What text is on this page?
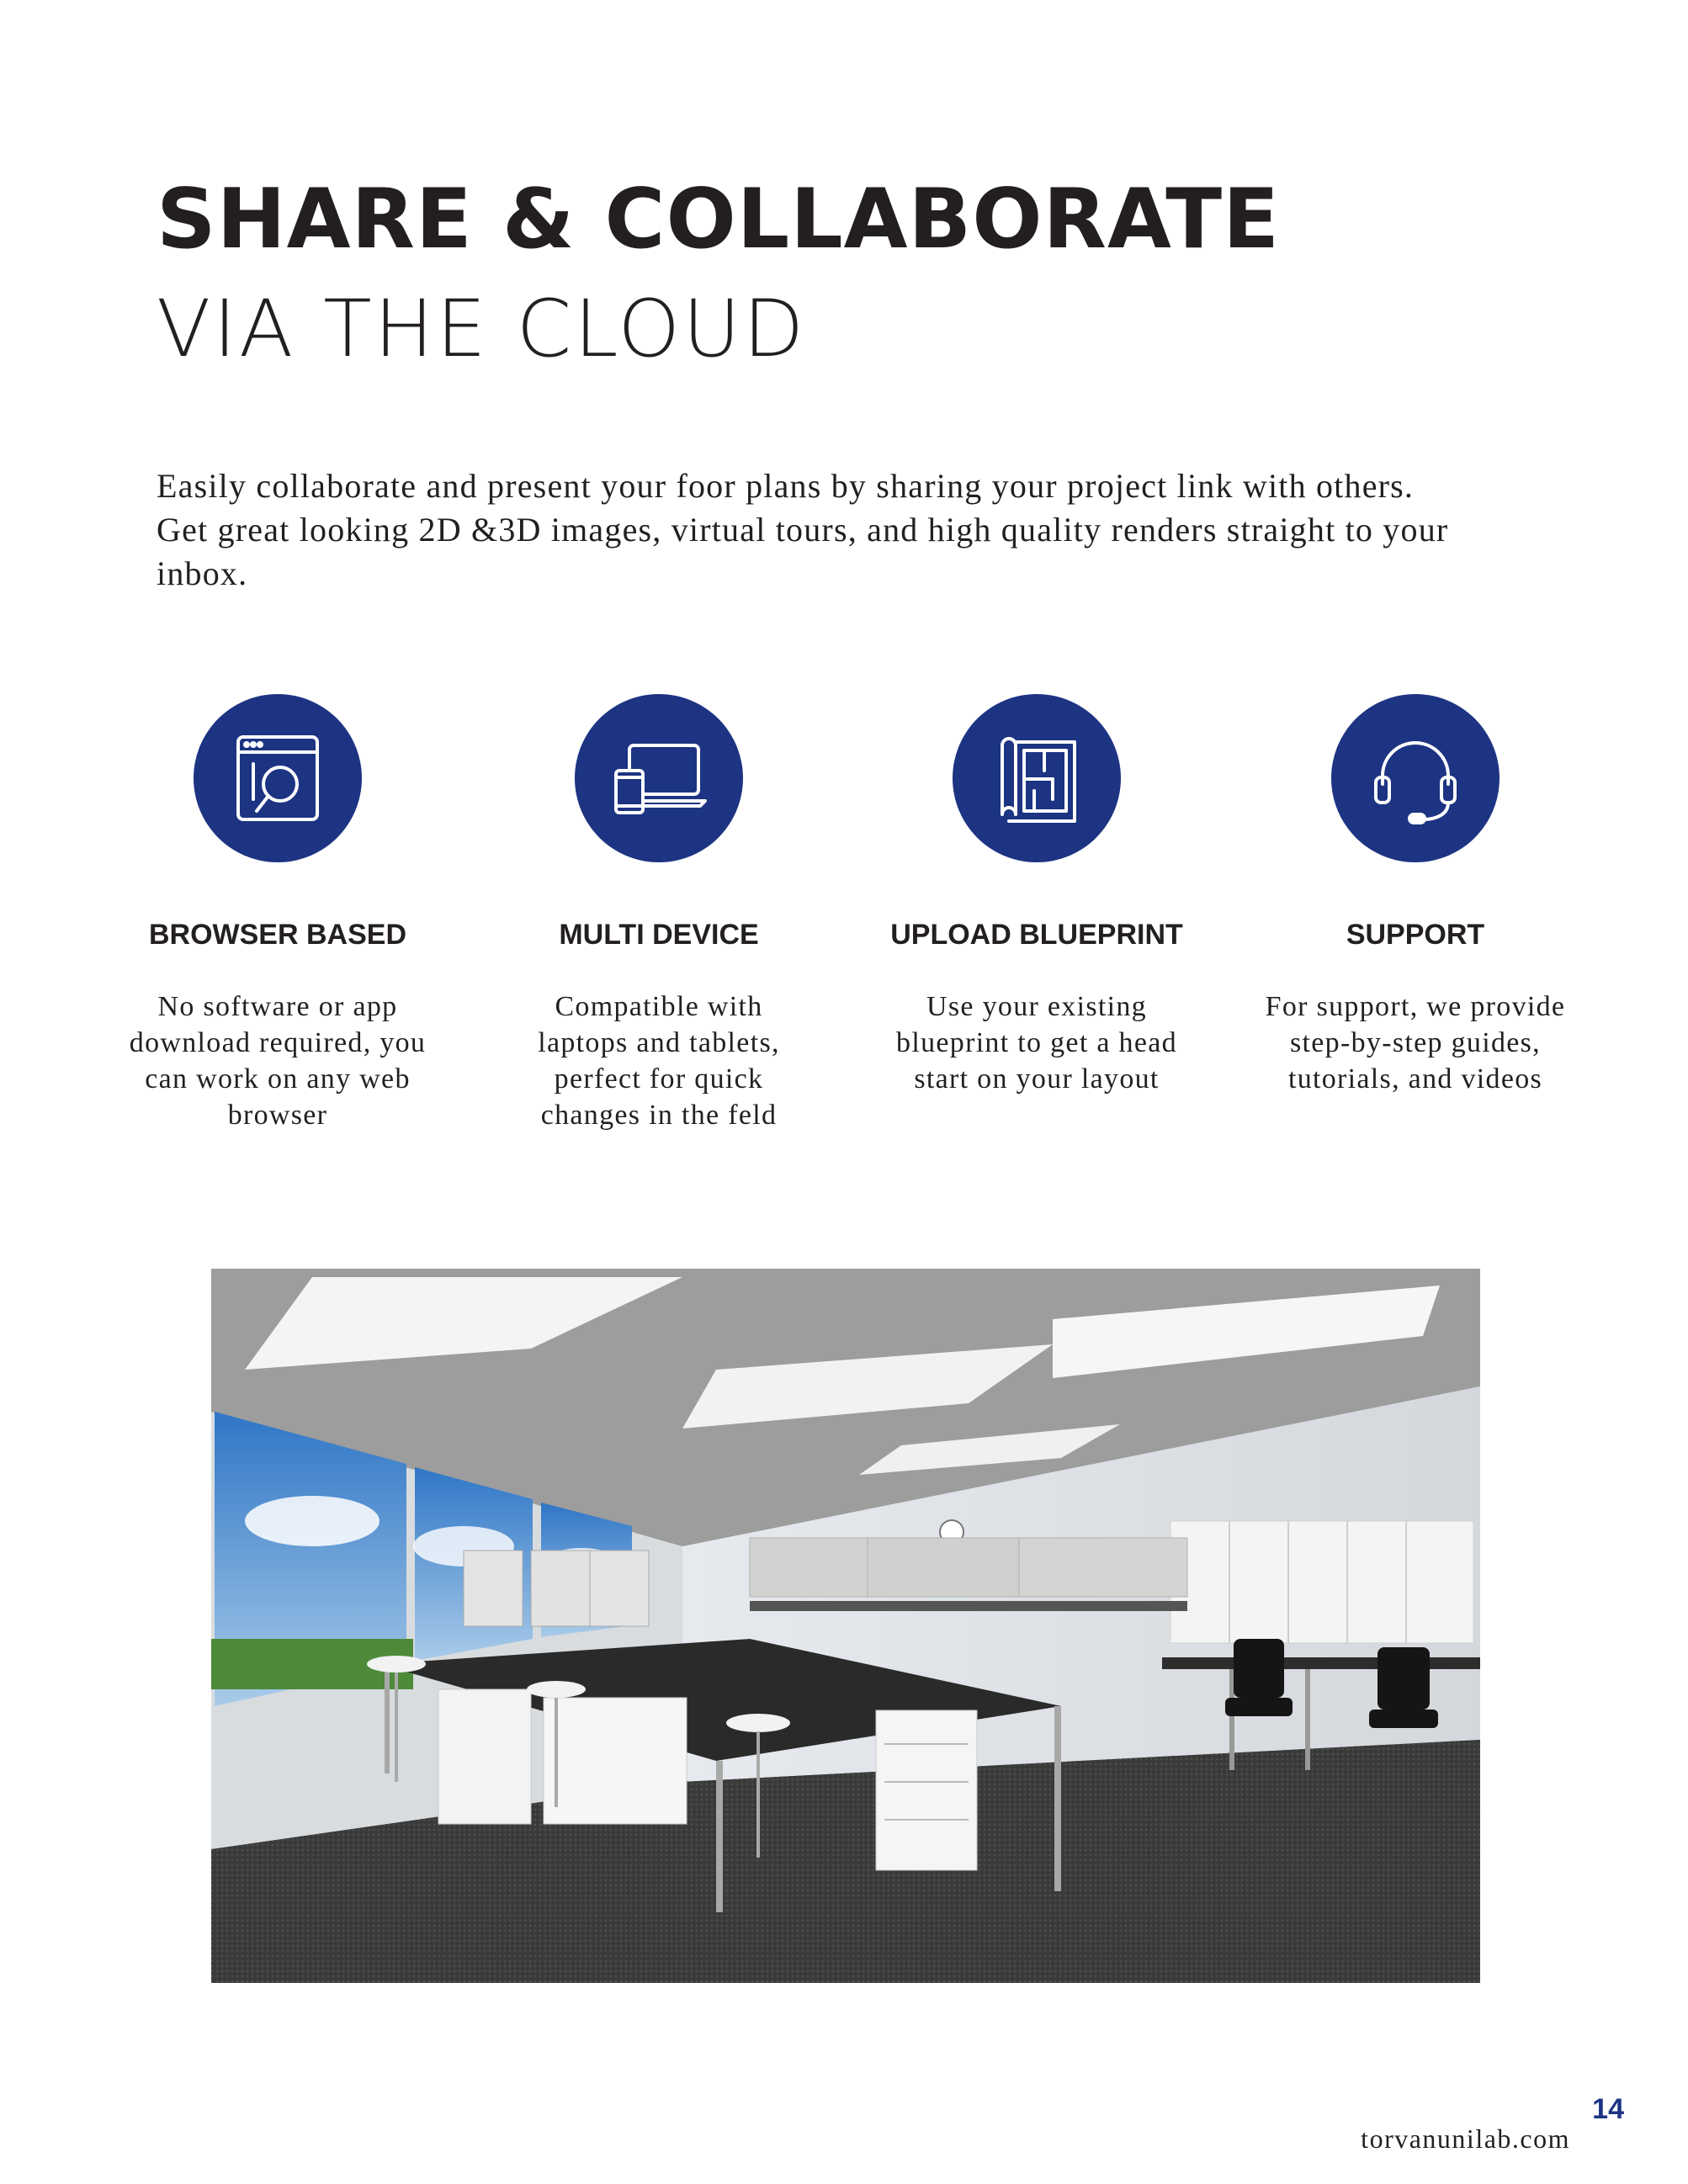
SHARE & COLLABORATE
VIA THE CLOUD

Easily collaborate and present your foor plans by sharing your project link with others. Get great looking 2D &3D images, virtual tours, and high quality renders straight to your inbox.

BROWSER BASED
No software or app download required, you can work on any web browser
MULTI DEVICE
Compatible with laptops and tablets, perfect for quick changes in the feld
UPLOAD BLUEPRINT
Use your existing blueprint to get a head start on your layout
SUPPORT
For support, we provide step-by-step guides, tutorials, and videos
14
torvanunilab.com
